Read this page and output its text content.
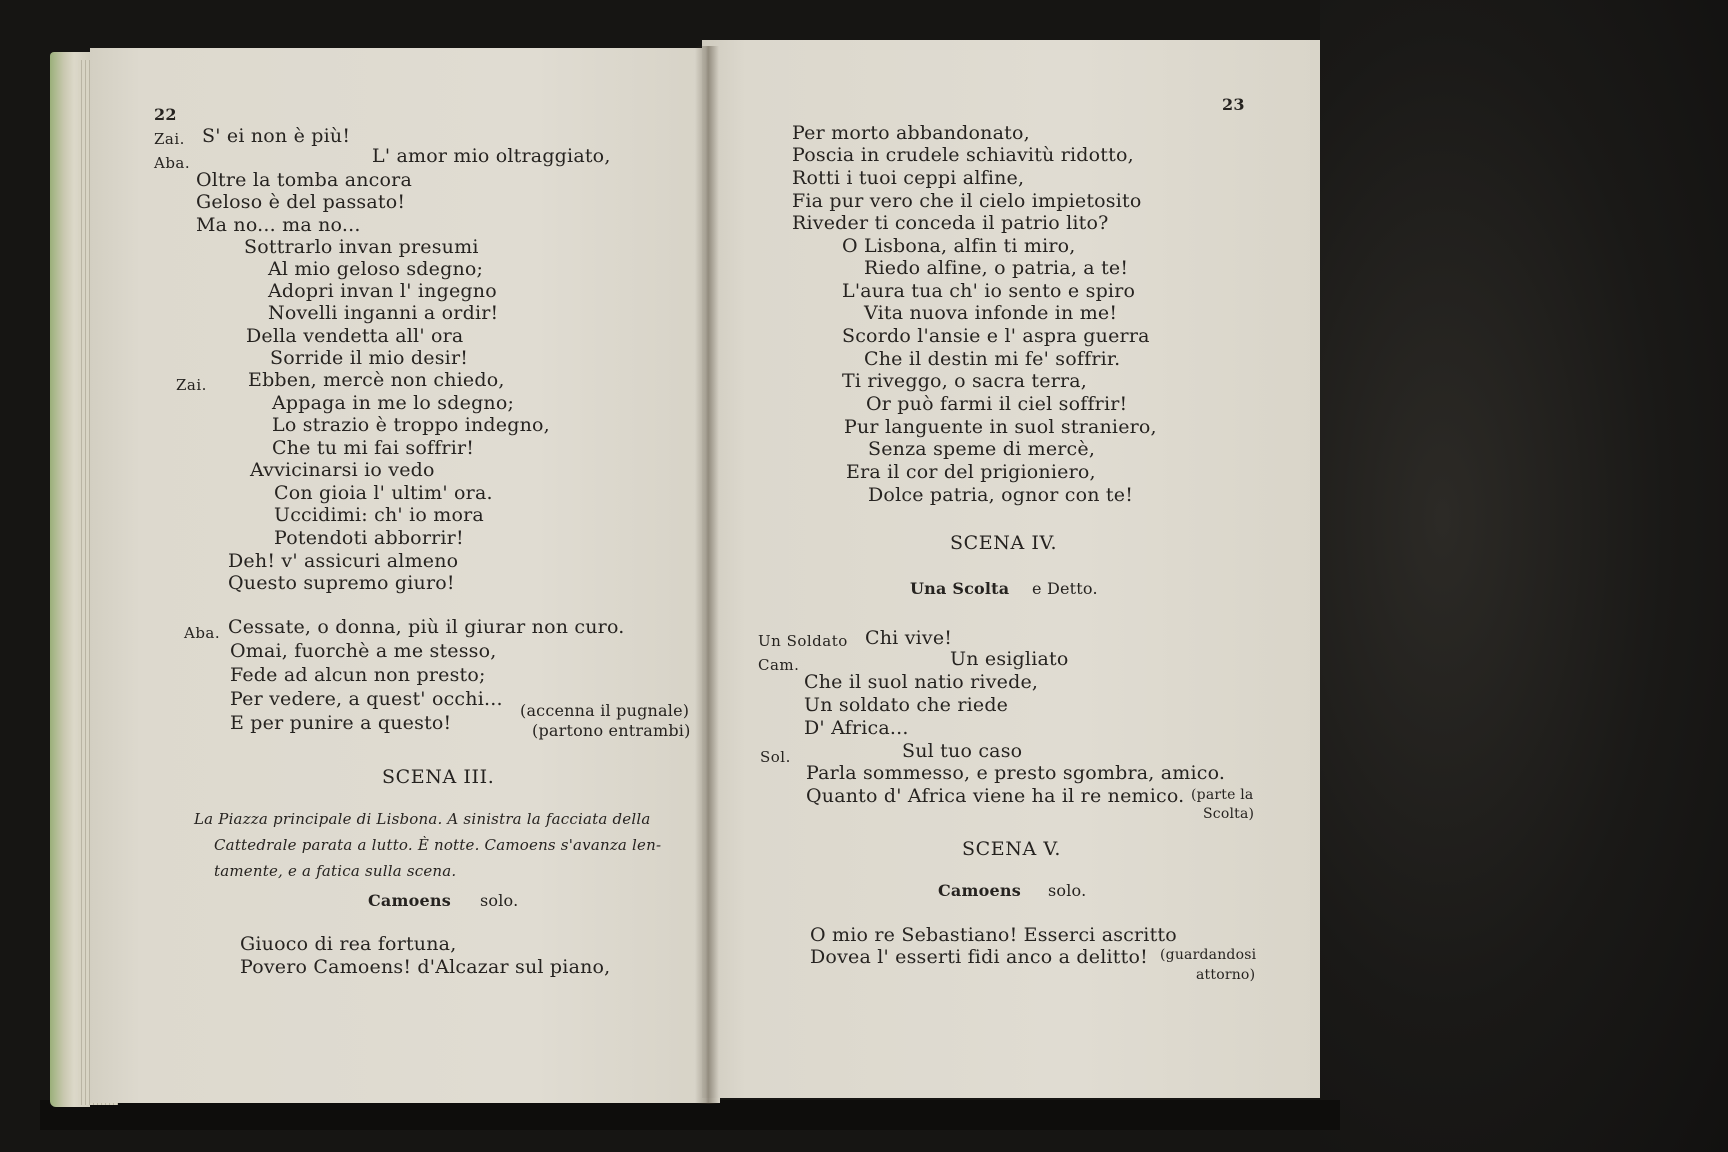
22
Zai. S' ei non è più!
Aba.	L' amor mio oltraggiato,
Oltre la tomba ancora
Geloso è del passato!
Ma no... ma no...
Sottrarlo invan presumi
Al mio geloso sdegno;
Adopri invan l' ingegno
Novelli inganni a ordir!
Della vendetta all' ora
Sorride il mio desir!
Zai. Ebben, mercè non chiedo,
Appaga in me lo sdegno;
Lo strazio è troppo indegno,
Che tu mi fai soffrir!
Avvicinarsi io vedo
Con gioia l' ultim' ora.
Uccidimi: ch' io mora
Potendoti abborrir!
Deh! v' assicuri almeno
Questo supremo giuro!
Aba. Cessate, o donna, più il giurar non curo.
Omai, fuorchè a me stesso,
Fede ad alcun non presto;
Per vedere, a quest' occhi...
E per punire a questo!
(accenna il pugnale)
(partono entrambi)
SCENA III.
La Piazza principale di Lisbona. A sinistra la facciata della
Cattedrale parata a lutto. È notte. Camoens s'avanza len-
tamente, e a fatica sulla scena.
Camoens solo.
Giuoco di rea fortuna,
Povero Camoens! d'Alcazar sul piano,
23
Per morto abbandonato,
Poscia in crudele schiavitù ridotto,
Rotti i tuoi ceppi alfine,
Fia pur vero che il cielo impietosito
Riveder ti conceda il patrio lito?
O Lisbona, alfin ti miro,
Riedo alfine, o patria, a te!
L'aura tua ch' io sento e spiro
Vita nuova infonde in me!
Scordo l'ansie e l' aspra guerra
Che il destin mi fe' soffrir.
Ti riveggo, o sacra terra,
Or può farmi il ciel soffrir!
Pur languente in suol straniero,
Senza speme di mercè,
Era il cor del prigioniero,
Dolce patria, ognor con te!
SCENA IV.
Una Scolta e Detto.
Un Soldato Chi vive!
Cam.	Un esigliato
Che il suol natio rivede,
Un soldato che riede
D' Africa...
Sol.	Sul tuo caso
Parla sommesso, e presto sgombra, amico.
Quanto d' Africa viene ha il re nemico. (parte la
Scolta)
SCENA V.
Camoens solo.
O mio re Sebastiano! Esserci ascritto
Dovea l' esserti fidi anco a delitto! (guardandosi
attorno)
